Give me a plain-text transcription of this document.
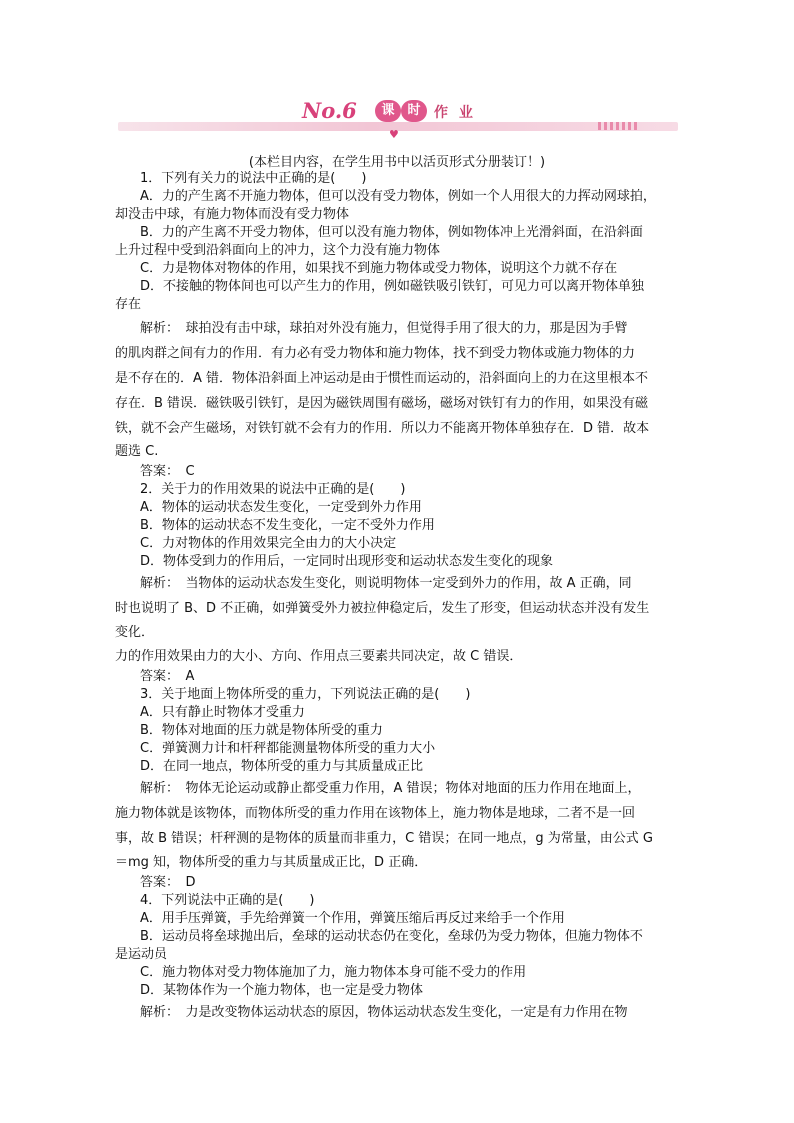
No.6	课 时 作 业
♥
(本栏目内容，在学生用书中以活页形式分册装订！)
1．下列有关力的说法中正确的是(　　)
A．力的产生离不开施力物体，但可以没有受力物体，例如一个人用很大的力挥动网球拍，
却没击中球，有施力物体而没有受力物体
B．力的产生离不开受力物体，但可以没有施力物体，例如物体冲上光滑斜面，在沿斜面
上升过程中受到沿斜面向上的冲力，这个力没有施力物体
C．力是物体对物体的作用，如果找不到施力物体或受力物体，说明这个力就不存在
D．不接触的物体间也可以产生力的作用，例如磁铁吸引铁钉，可见力可以离开物体单独
存在
解析：　球拍没有击中球，球拍对外没有施力，但觉得手用了很大的力，那是因为手臂
的肌肉群之间有力的作用．有力必有受力物体和施力物体，找不到受力物体或施力物体的力
是不存在的．A 错．物体沿斜面上冲运动是由于惯性而运动的，沿斜面向上的力在这里根本不
存在．B 错误．磁铁吸引铁钉，是因为磁铁周围有磁场，磁场对铁钉有力的作用，如果没有磁
铁，就不会产生磁场，对铁钉就不会有力的作用．所以力不能离开物体单独存在．D 错．故本
题选 C.
答案：　C
2．关于力的作用效果的说法中正确的是(　　)
A．物体的运动状态发生变化，一定受到外力作用
B．物体的运动状态不发生变化，一定不受外力作用
C．力对物体的作用效果完全由力的大小决定
D．物体受到力的作用后，一定同时出现形变和运动状态发生变化的现象
解析：　当物体的运动状态发生变化，则说明物体一定受到外力的作用，故 A 正确，同
时也说明了 B、D 不正确，如弹簧受外力被拉伸稳定后，发生了形变，但运动状态并没有发生
变化．
力的作用效果由力的大小、方向、作用点三要素共同决定，故 C 错误．
答案：　A
3．关于地面上物体所受的重力，下列说法正确的是(　　)
A．只有静止时物体才受重力
B．物体对地面的压力就是物体所受的重力
C．弹簧测力计和杆秤都能测量物体所受的重力大小
D．在同一地点，物体所受的重力与其质量成正比
解析：　物体无论运动或静止都受重力作用，A 错误；物体对地面的压力作用在地面上，
施力物体就是该物体，而物体所受的重力作用在该物体上，施力物体是地球，二者不是一回
事，故 B 错误；杆秤测的是物体的质量而非重力，C 错误；在同一地点，g 为常量，由公式 G
＝mg 知，物体所受的重力与其质量成正比，D 正确．
答案：　D
4．下列说法中正确的是(　　)
A．用手压弹簧，手先给弹簧一个作用，弹簧压缩后再反过来给手一个作用
B．运动员将垒球抛出后，垒球的运动状态仍在变化，垒球仍为受力物体，但施力物体不
是运动员
C．施力物体对受力物体施加了力，施力物体本身可能不受力的作用
D．某物体作为一个施力物体，也一定是受力物体
解析：　力是改变物体运动状态的原因，物体运动状态发生变化，一定是有力作用在物
